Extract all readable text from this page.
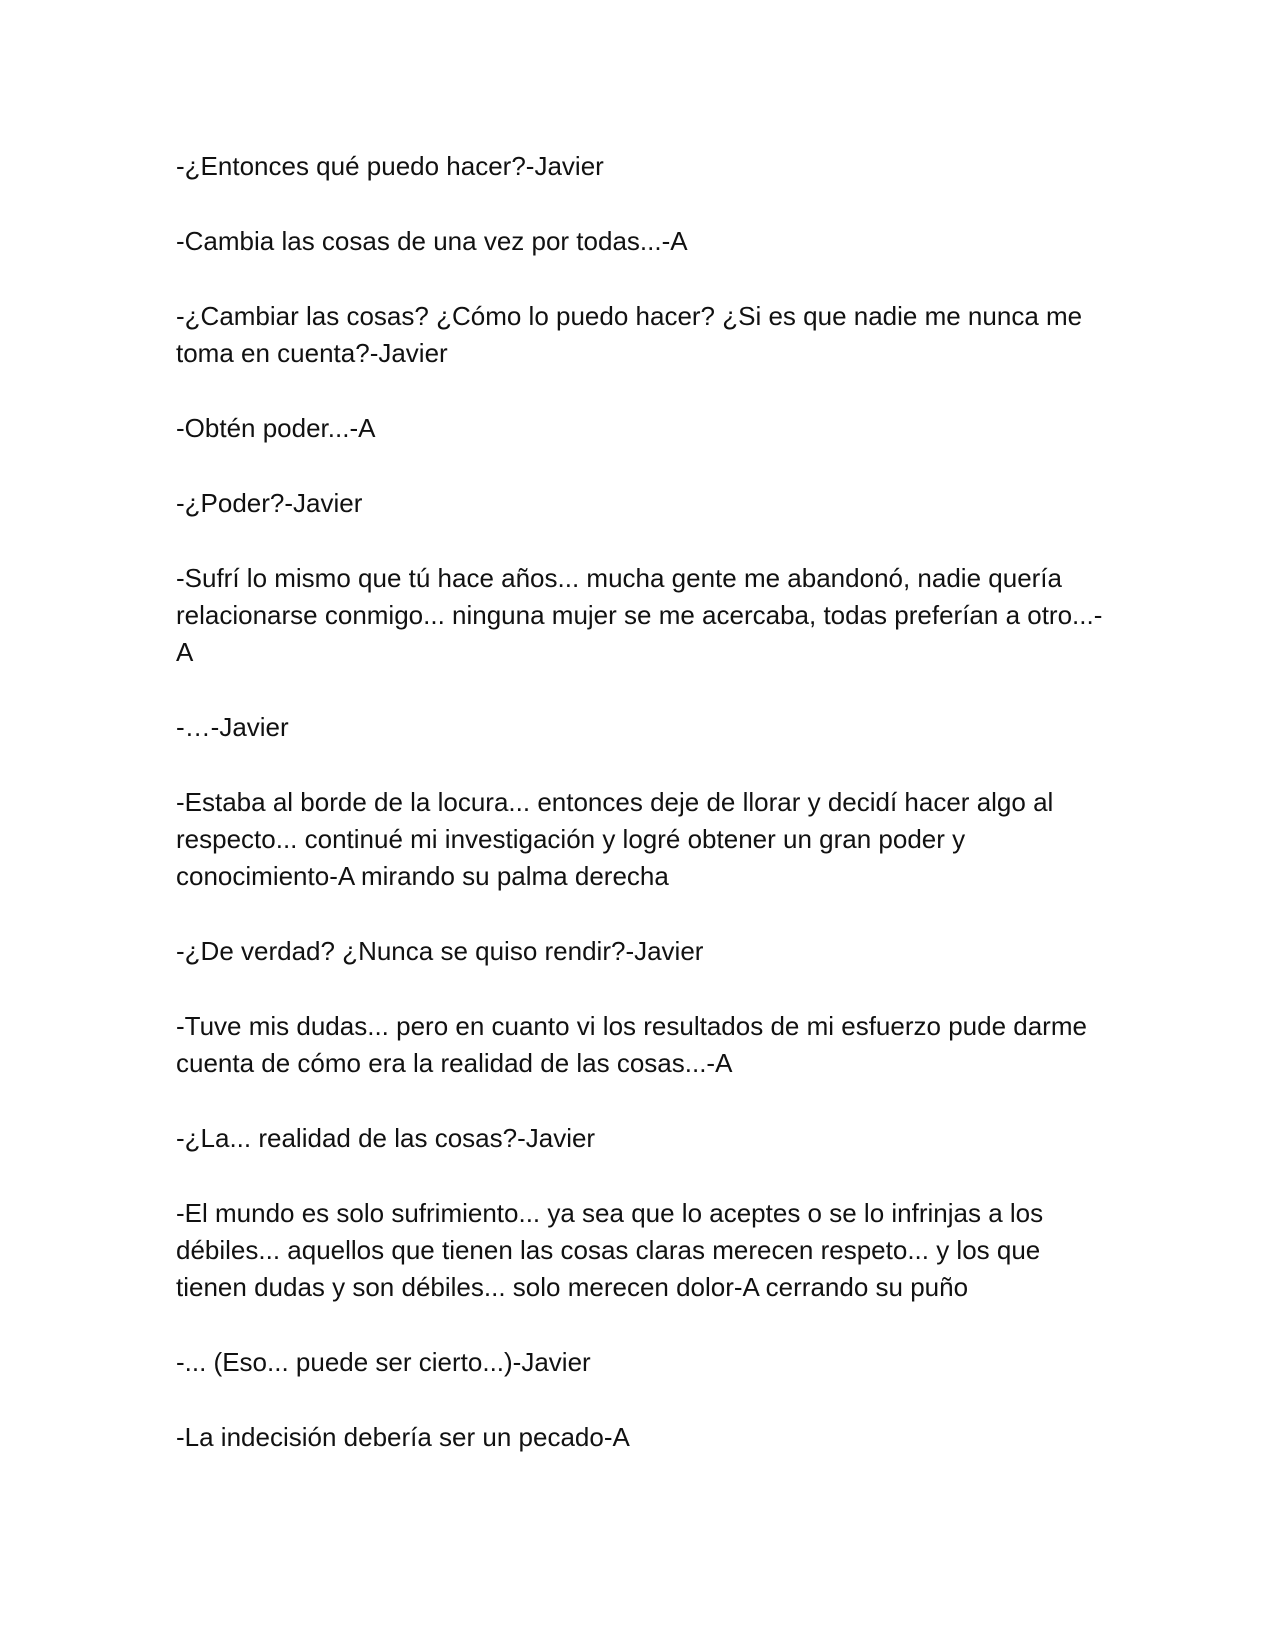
-¿Entonces qué puedo hacer?-Javier

-Cambia las cosas de una vez por todas...-A

-¿Cambiar las cosas? ¿Cómo lo puedo hacer? ¿Si es que nadie me nunca me toma en cuenta?-Javier

-Obtén poder...-A

-¿Poder?-Javier

-Sufrí lo mismo que tú hace años... mucha gente me abandonó, nadie quería relacionarse conmigo... ninguna mujer se me acercaba, todas preferían a otro...-A

-…-Javier

-Estaba al borde de la locura... entonces deje de llorar y decidí hacer algo al respecto... continué mi investigación y logré obtener un gran poder y conocimiento-A mirando su palma derecha

-¿De verdad? ¿Nunca se quiso rendir?-Javier

-Tuve mis dudas... pero en cuanto vi los resultados de mi esfuerzo pude darme cuenta de cómo era la realidad de las cosas...-A

-¿La... realidad de las cosas?-Javier

-El mundo es solo sufrimiento... ya sea que lo aceptes o se lo infrinjas a los débiles... aquellos que tienen las cosas claras merecen respeto... y los que tienen dudas y son débiles... solo merecen dolor-A cerrando su puño

-... (Eso... puede ser cierto...)-Javier

-La indecisión debería ser un pecado-A
